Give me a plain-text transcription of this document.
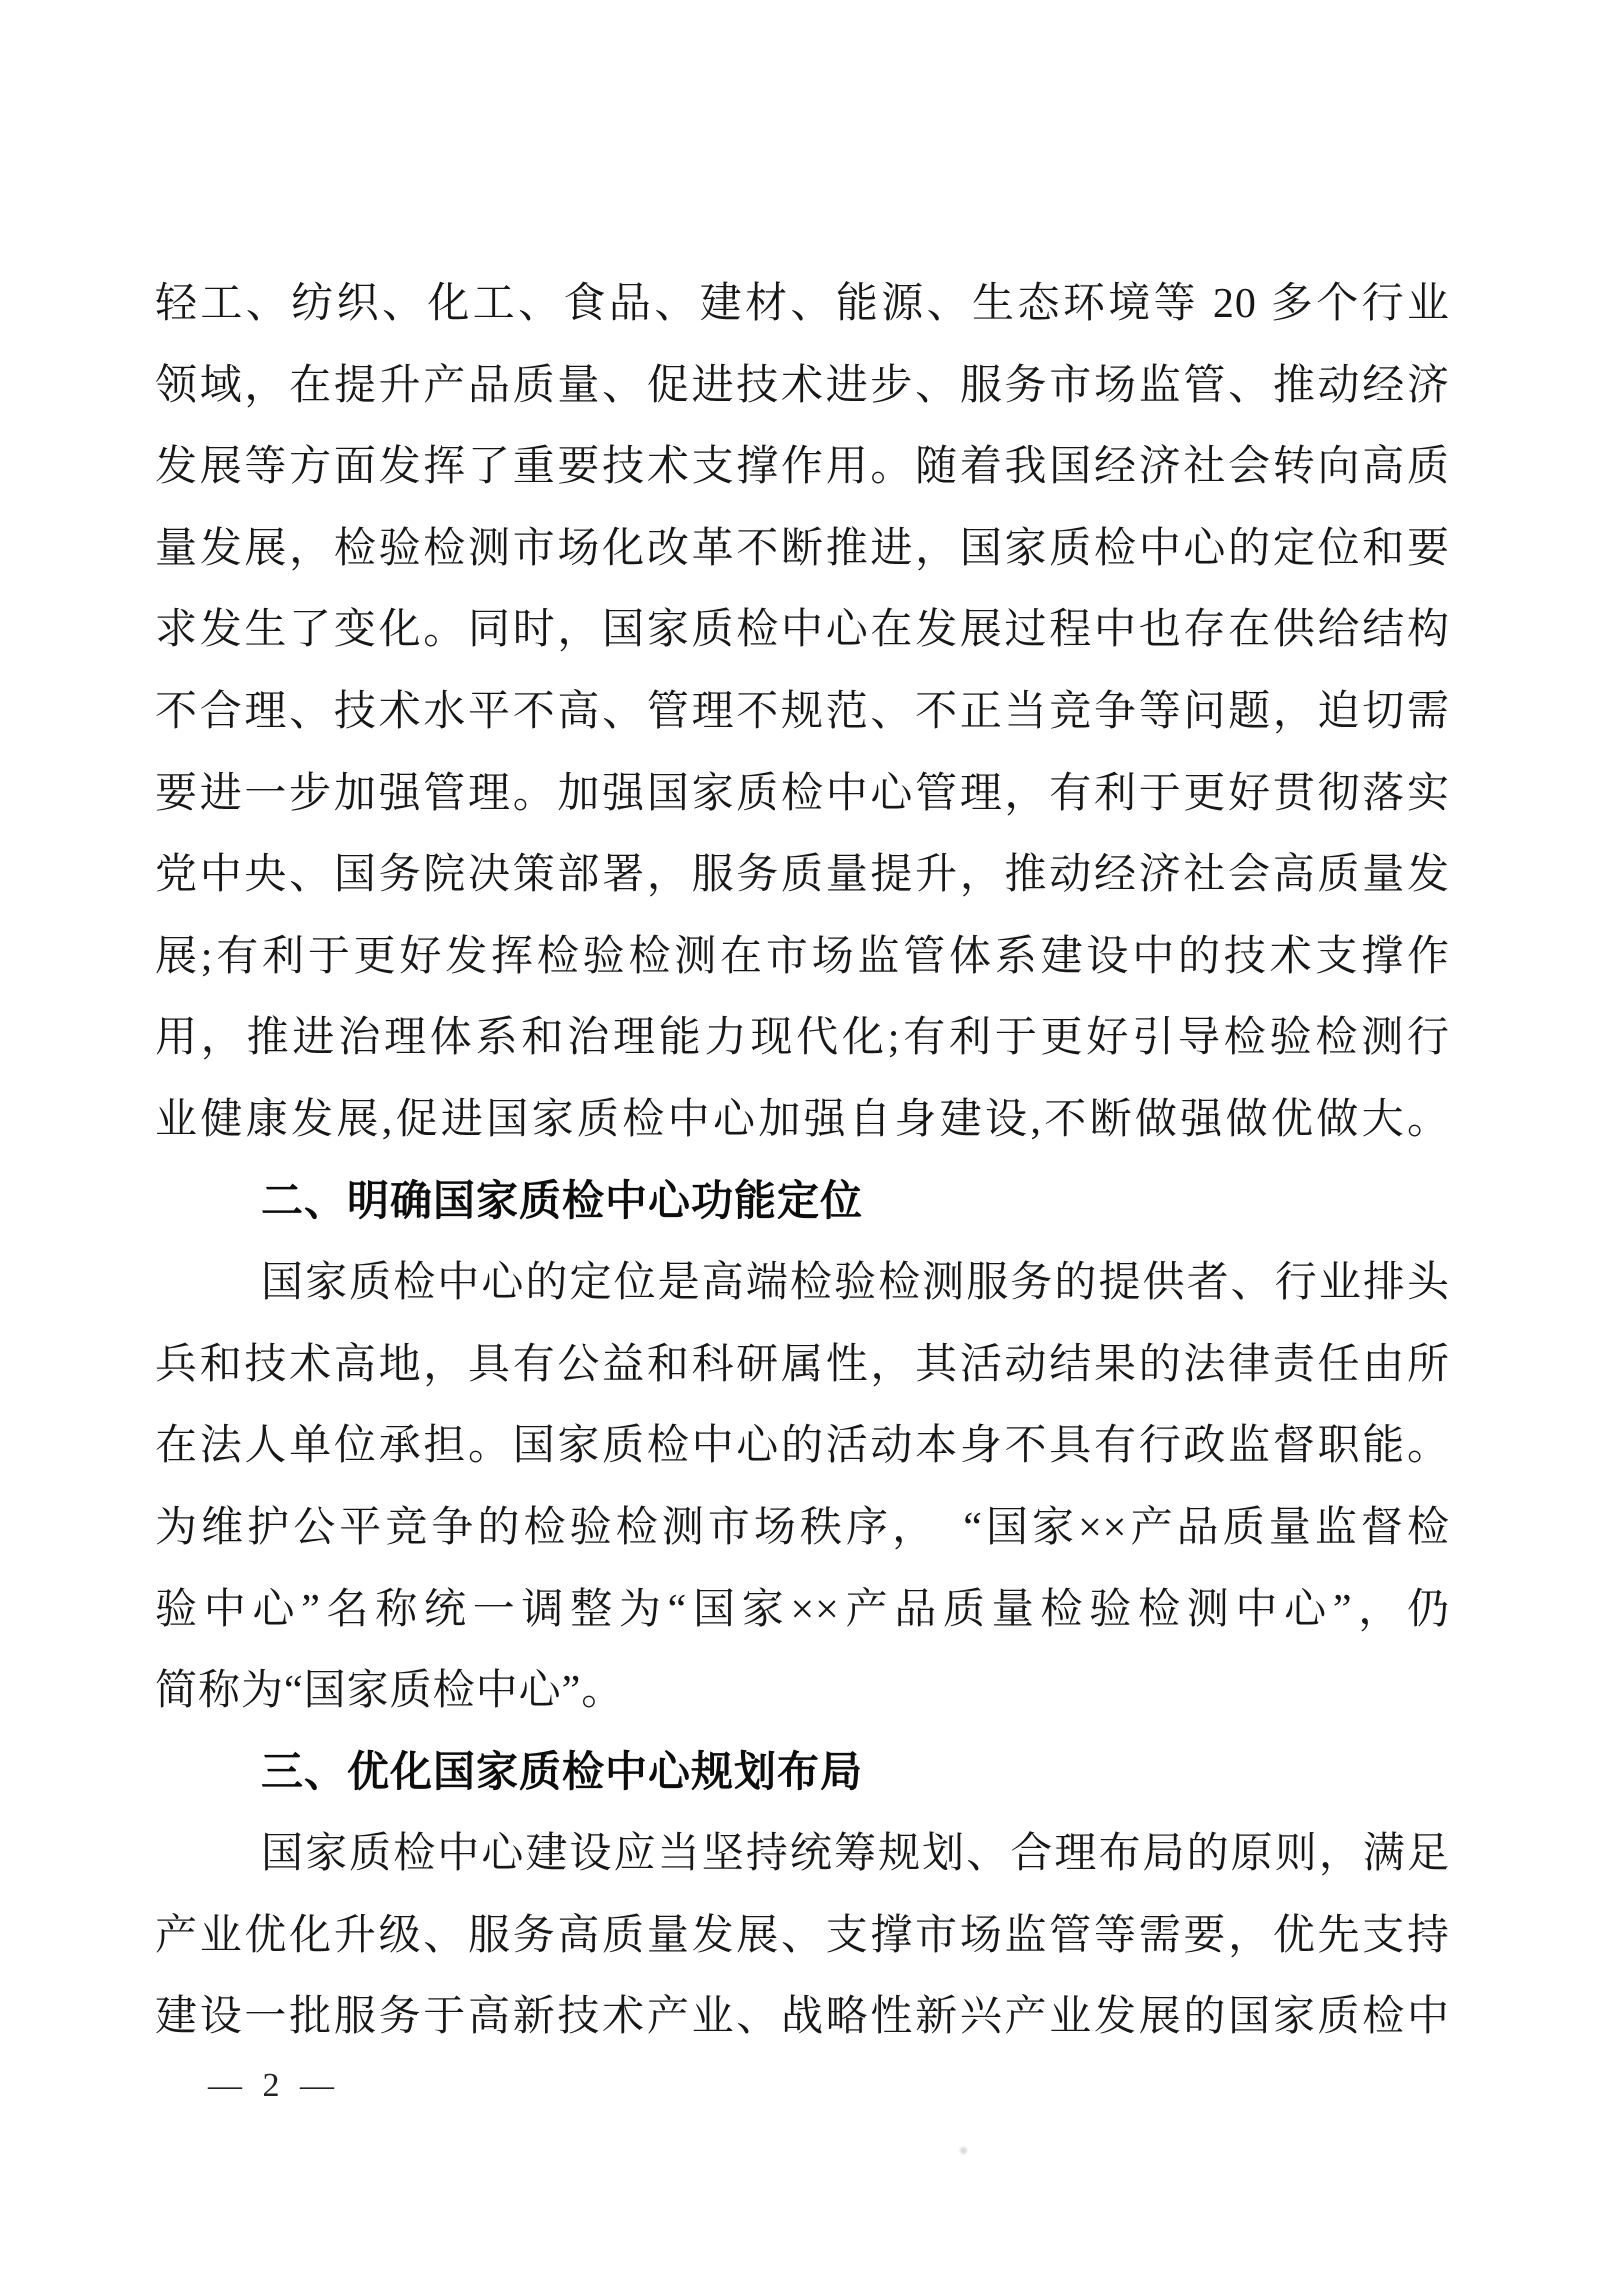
轻工、纺织、化工、食品、建材、能源、生态环境等 20 多个行业
领域，在提升产品质量、促进技术进步、服务市场监管、推动经济
发展等方面发挥了重要技术支撑作用。随着我国经济社会转向高质
量发展，检验检测市场化改革不断推进，国家质检中心的定位和要
求发生了变化。同时，国家质检中心在发展过程中也存在供给结构
不合理、技术水平不高、管理不规范、不正当竞争等问题，迫切需
要进一步加强管理。加强国家质检中心管理，有利于更好贯彻落实
党中央、国务院决策部署，服务质量提升，推动经济社会高质量发
展;有利于更好发挥检验检测在市场监管体系建设中的技术支撑作
用，推进治理体系和治理能力现代化;有利于更好引导检验检测行
业健康发展,促进国家质检中心加强自身建设,不断做强做优做大。
二、明确国家质检中心功能定位
国家质检中心的定位是高端检验检测服务的提供者、行业排头
兵和技术高地，具有公益和科研属性，其活动结果的法律责任由所
在法人单位承担。国家质检中心的活动本身不具有行政监督职能。
为维护公平竞争的检验检测市场秩序，　“国家××产品质量监督检
验中心”名称统一调整为“国家××产品质量检验检测中心”，仍
简称为“国家质检中心”。
三、优化国家质检中心规划布局
国家质检中心建设应当坚持统筹规划、合理布局的原则，满足
产业优化升级、服务高质量发展、支撑市场监管等需要，优先支持
建设一批服务于高新技术产业、战略性新兴产业发展的国家质检中
— 2 —
